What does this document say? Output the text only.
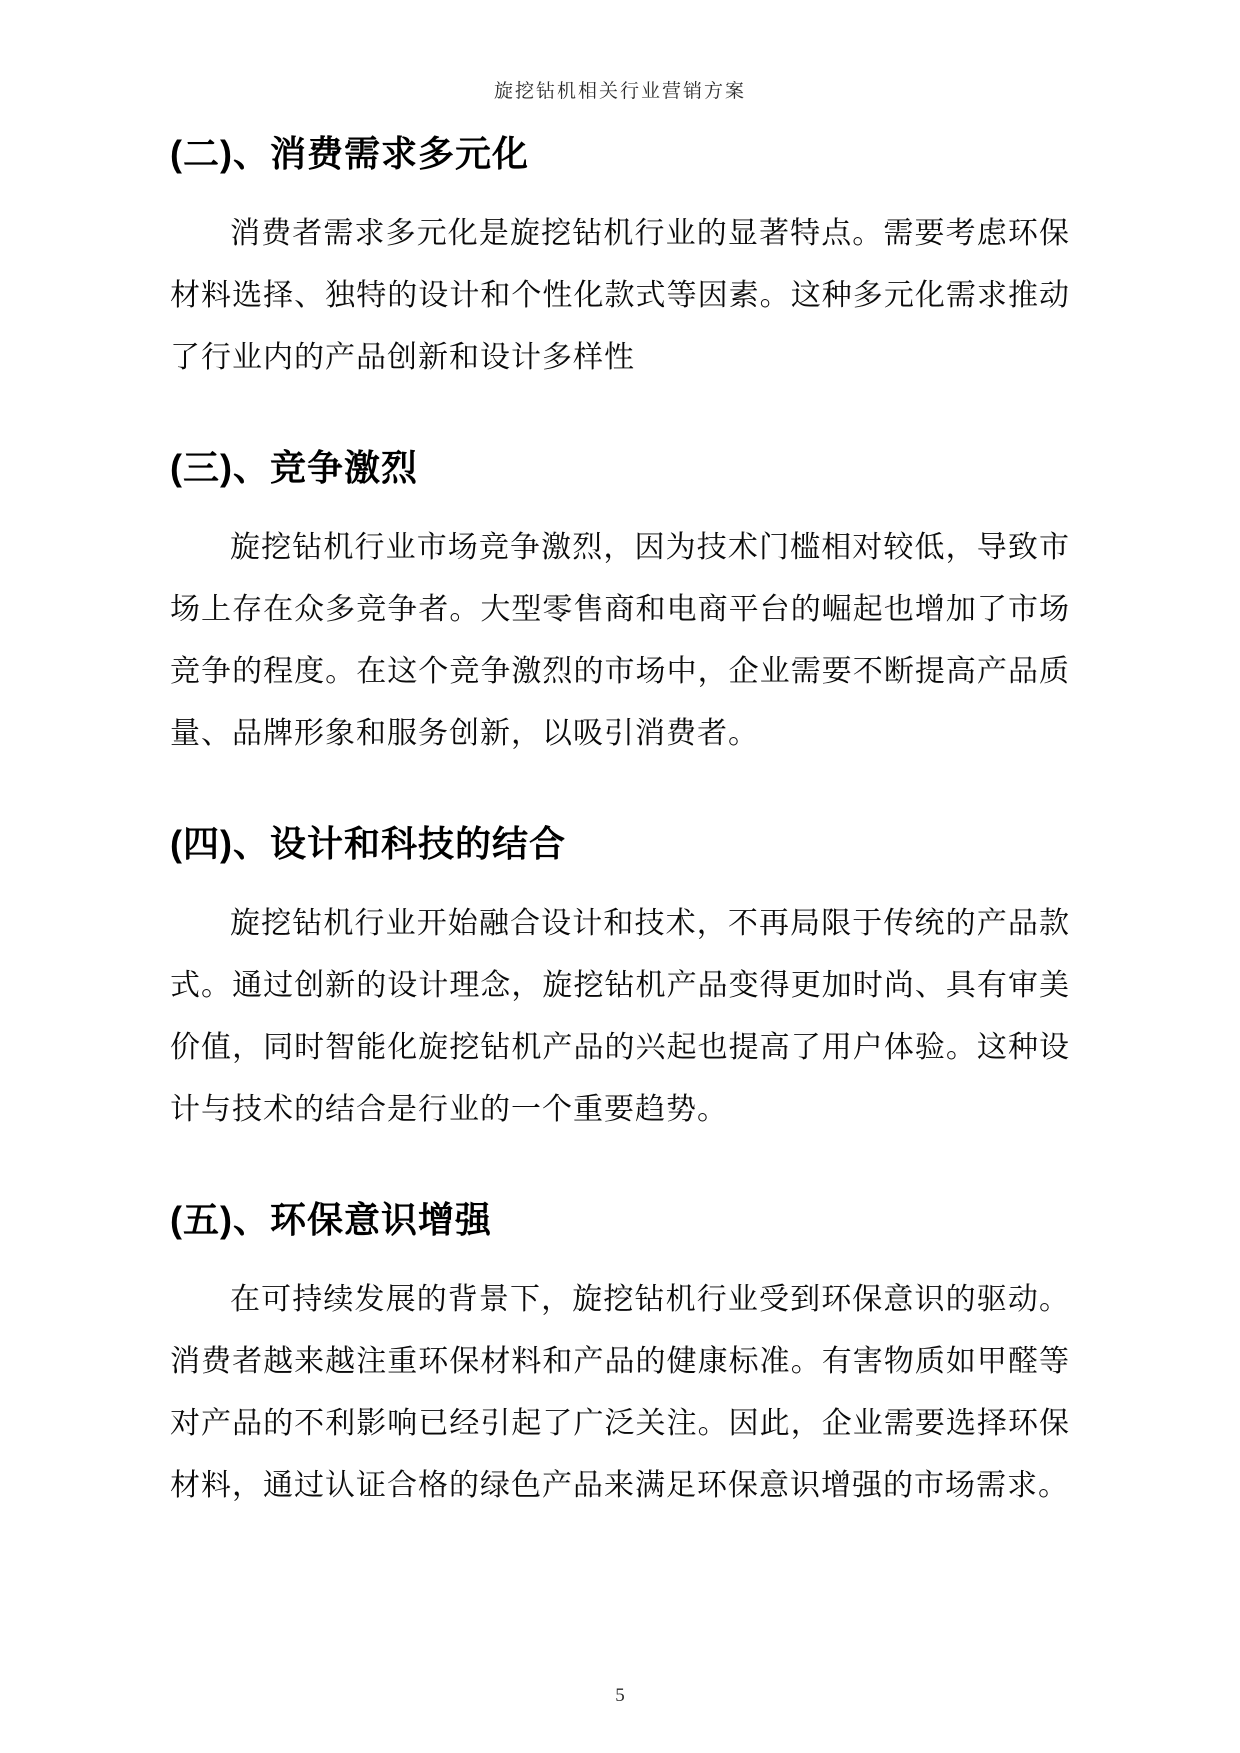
旋挖钻机相关行业营销方案
(二)、消费需求多元化

消费者需求多元化是旋挖钻机行业的显著特点。需要考虑环保材料选择、独特的设计和个性化款式等因素。这种多元化需求推动了行业内的产品创新和设计多样性

(三)、竞争激烈

旋挖钻机行业市场竞争激烈，因为技术门槛相对较低，导致市场上存在众多竞争者。大型零售商和电商平台的崛起也增加了市场竞争的程度。在这个竞争激烈的市场中，企业需要不断提高产品质量、品牌形象和服务创新，以吸引消费者。

(四)、设计和科技的结合

旋挖钻机行业开始融合设计和技术，不再局限于传统的产品款式。通过创新的设计理念，旋挖钻机产品变得更加时尚、具有审美价值，同时智能化旋挖钻机产品的兴起也提高了用户体验。这种设计与技术的结合是行业的一个重要趋势。

(五)、环保意识增强

在可持续发展的背景下，旋挖钻机行业受到环保意识的驱动。消费者越来越注重环保材料和产品的健康标准。有害物质如甲醛等对产品的不利影响已经引起了广泛关注。因此，企业需要选择环保材料，通过认证合格的绿色产品来满足环保意识增强的市场需求。

5
